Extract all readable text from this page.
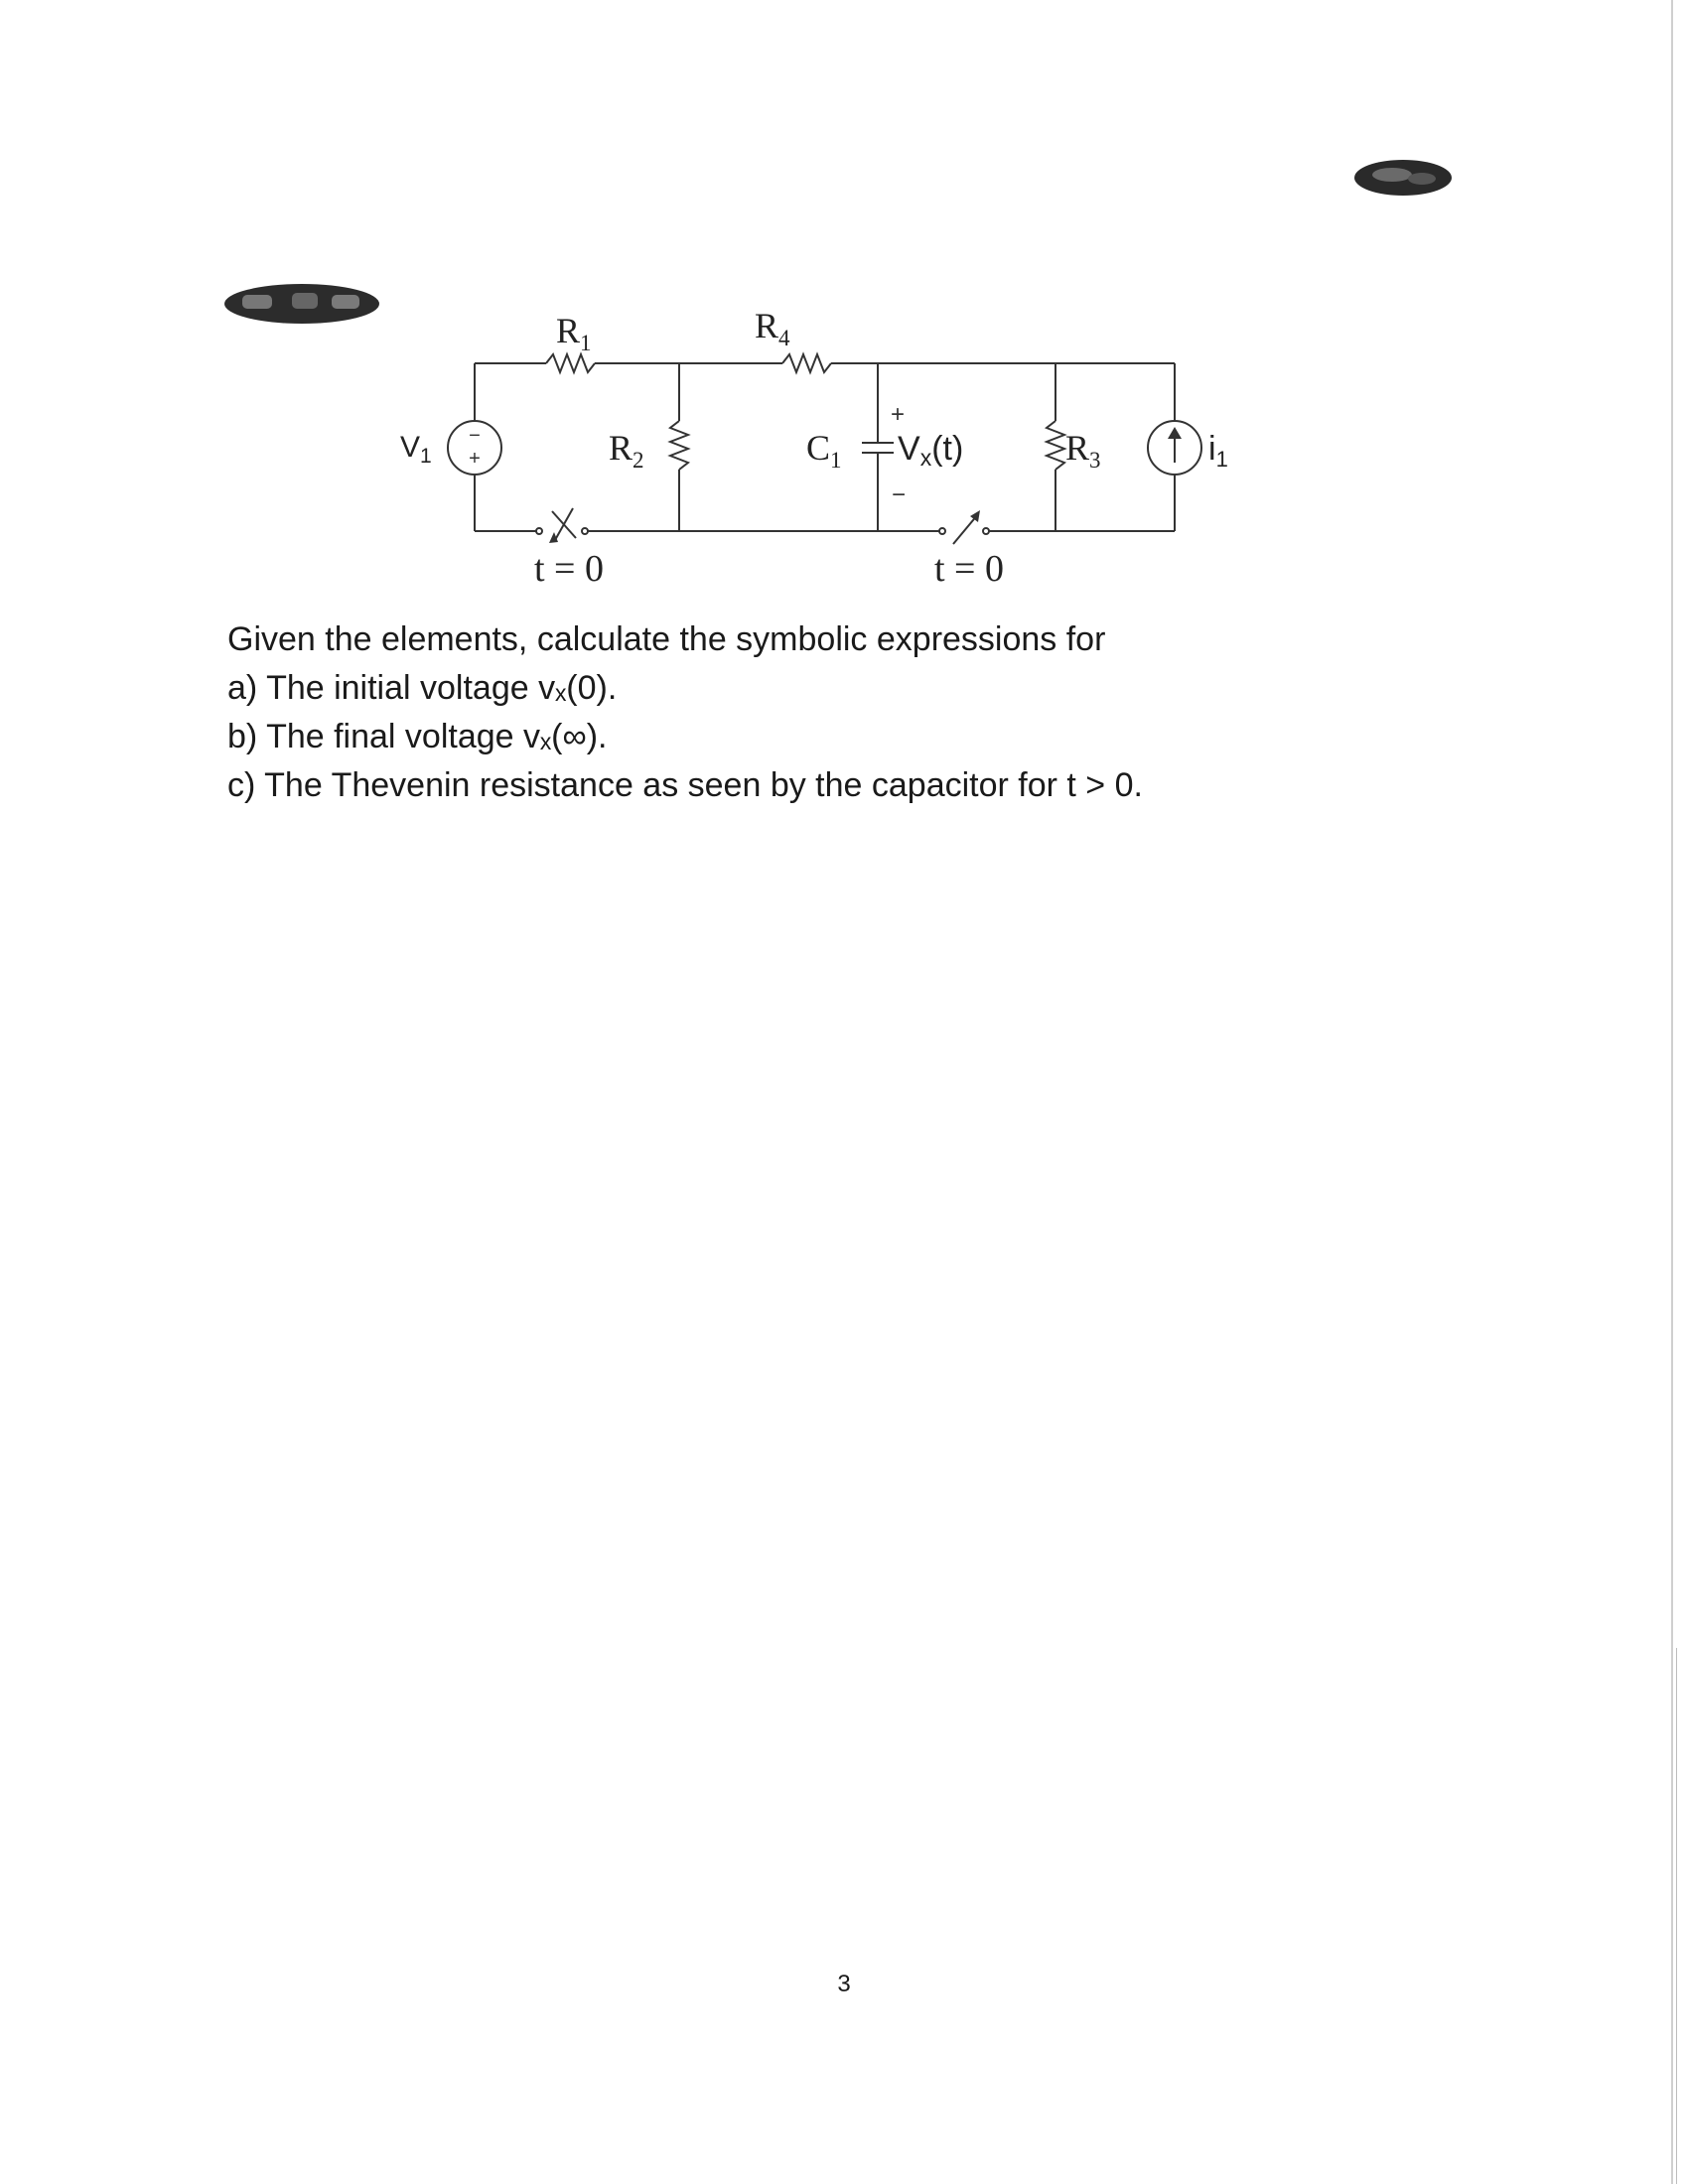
−
+
$V_1$
$R_1$	$R_4$
$R_2$	$C_1$
+
−
Vx(t)	$R_3$	$i_1$
t = 0	t = 0

Given the elements, calculate the symbolic expressions for

a) The initial voltage vₓ(0).

b) The final voltage vₓ(∞).

c) The Thevenin resistance as seen by the capacitor for t > 0.

3
